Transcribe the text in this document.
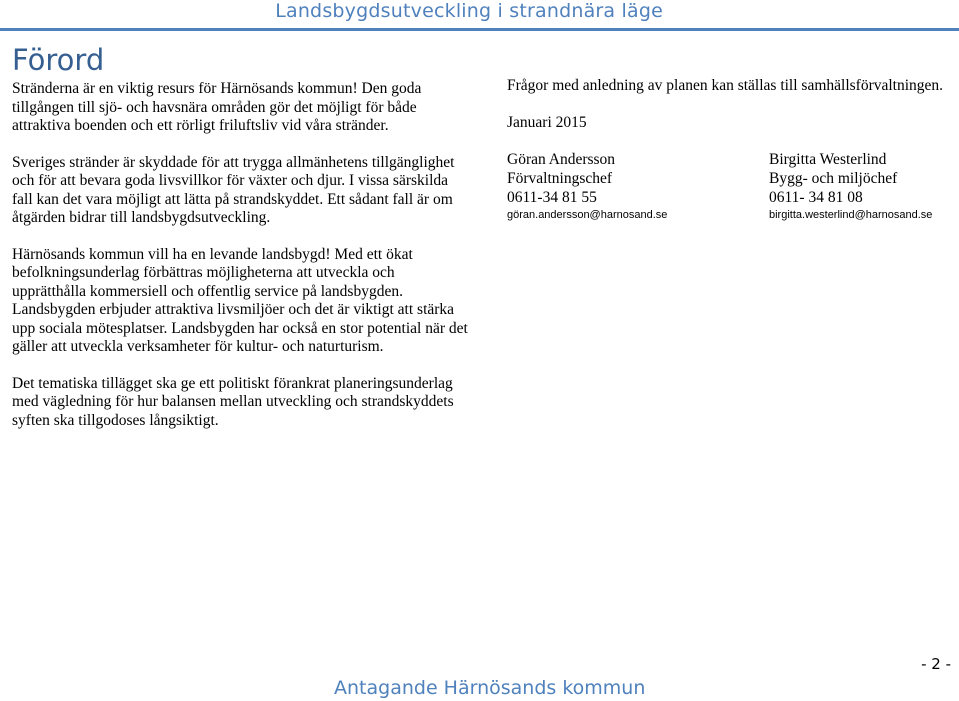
Landsbygdsutveckling i strandnära läge
Förord

Stränderna är en viktig resurs för Härnösands kommun! Den goda tillgången till sjö- och havsnära områden gör det möjligt för både attraktiva boenden och ett rörligt friluftsliv vid våra stränder.

Sveriges stränder är skyddade för att trygga allmänhetens tillgänglighet och för att bevara goda livsvillkor för växter och djur. I vissa särskilda fall kan det vara möjligt att lätta på strandskyddet. Ett sådant fall är om åtgärden bidrar till landsbygdsutveckling.

Härnösands kommun vill ha en levande landsbygd! Med ett ökat befolkningsunderlag förbättras möjligheterna att utveckla och upprätthålla kommersiell och offentlig service på landsbygden. Landsbygden erbjuder attraktiva livsmiljöer och det är viktigt att stärka upp sociala mötesplatser. Landsbygden har också en stor potential när det gäller att utveckla verksamheter för kultur- och naturturism.

Det tematiska tillägget ska ge ett politiskt förankrat planeringsunderlag med vägledning för hur balansen mellan utveckling och strandskyddets syften ska tillgodoses långsiktigt.

Frågor med anledning av planen kan ställas till samhällsförvaltningen.

Januari 2015

Göran Andersson
Förvaltningschef
0611-34 81 55
göran.andersson@harnosand.se
Birgitta Westerlind
Bygg- och miljöchef
0611- 34 81 08
birgitta.westerlind@harnosand.se
- 2 -
Antagande Härnösands kommun
